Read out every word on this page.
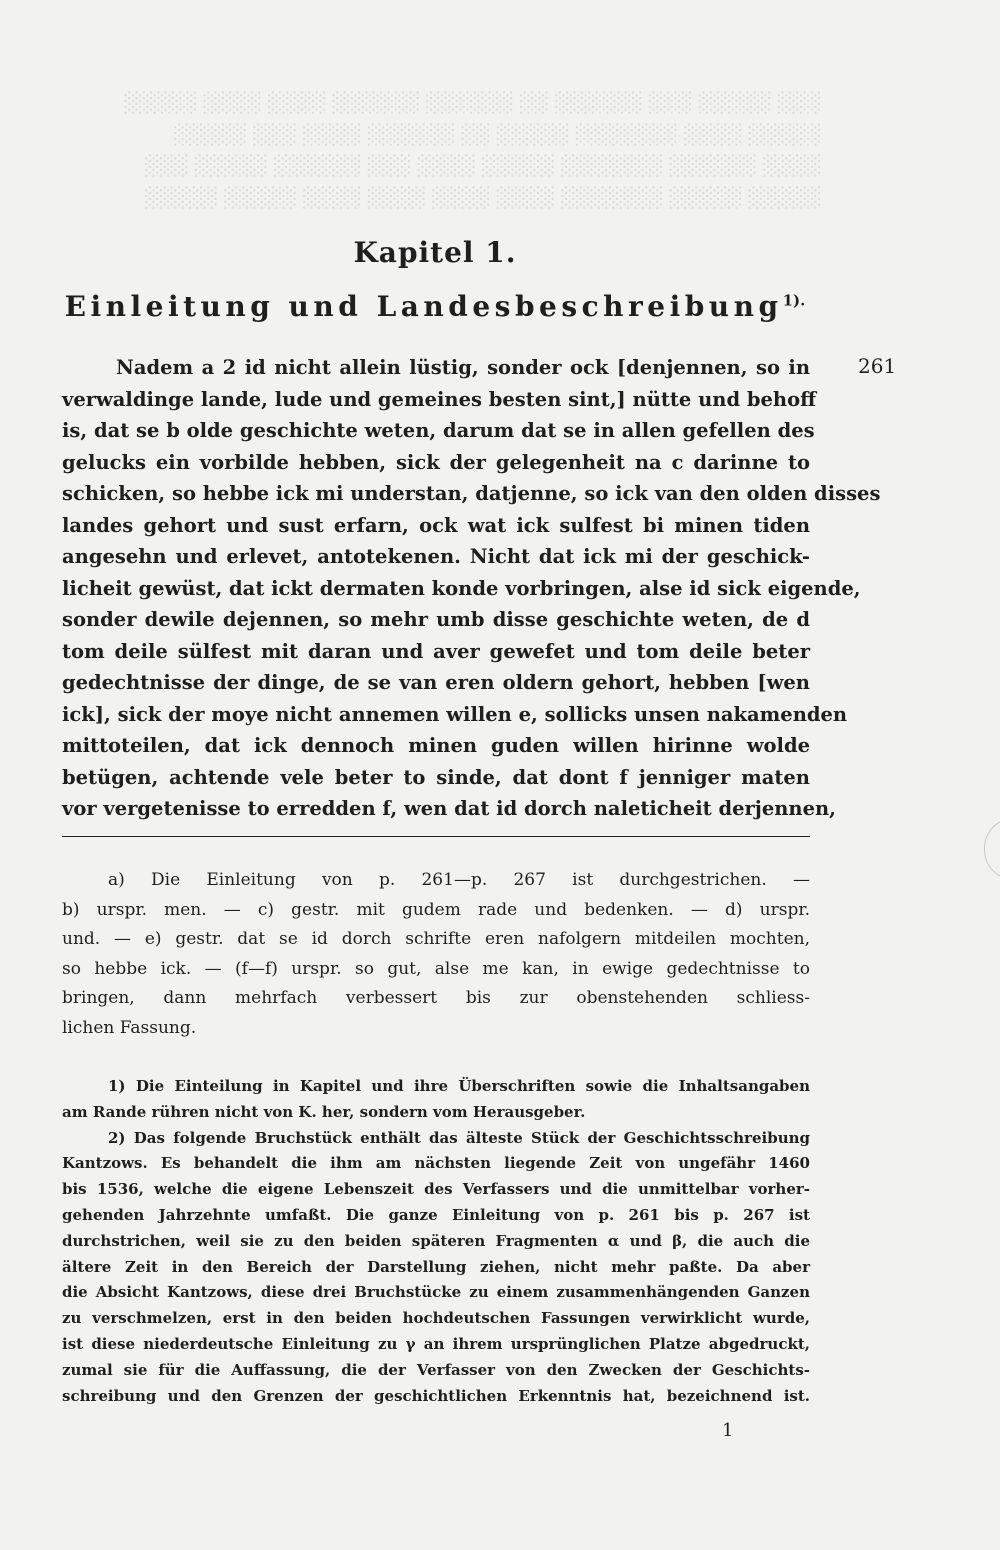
░░░ ░░░░░ ░░░ ░░░░░░ ░░ ░░░░░░ ░░░░░░ ░░░░ ░░░░ ░░░░░
░░░░░ ░░░░ ░░░░░░░ ░░░░░ ░░ ░░░░░░ ░░░░ ░░░ ░░░░░
░░░░ ░░░░░░ ░░░░░░░ ░░░░░ ░░░░ ░░░ ░░░░░░ ░░░░░ ░░░
░░░░░ ░░░░░ ░░░░░░░ ░░░░ ░░░░ ░░░░ ░░░░ ░░░░░ ░░░░░
Kapitel 1.
Einleitung und Landesbeschreibung$^{1).}$
261
Nadem a 2 id nicht allein lüstig, sonder ock [denjennen, so in
verwaldinge lande, lude und gemeines besten sint,] nütte und behoff
is, dat se b olde geschichte weten, darum dat se in allen gefellen des
gelucks ein vorbilde hebben, sick der gelegenheit na c darinne to
schicken, so hebbe ick mi understan, datjenne, so ick van den olden disses
landes gehort und sust erfarn, ock wat ick sulfest bi minen tiden
angesehn und erlevet, antotekenen. Nicht dat ick mi der geschick-
licheit gewüst, dat ickt dermaten konde vorbringen, alse id sick eigende,
sonder dewile dejennen, so mehr umb disse geschichte weten, de d
tom deile sülfest mit daran und aver gewefet und tom deile beter
gedechtnisse der dinge, de se van eren oldern gehort, hebben [wen
ick], sick der moye nicht annemen willen e, sollicks unsen nakamenden
mittoteilen, dat ick dennoch minen guden willen hirinne wolde
betügen, achtende vele beter to sinde, dat dont f jenniger maten
vor vergetenisse to erredden f, wen dat id dorch naleticheit derjennen,
a) Die Einleitung von p. 261—p. 267 ist durchgestrichen. —
b) urspr. men. — c) gestr. mit gudem rade und bedenken. — d) urspr.
und. — e) gestr. dat se id dorch schrifte eren nafolgern mitdeilen mochten,
so hebbe ick. — (f—f) urspr. so gut, alse me kan, in ewige gedechtnisse to
bringen, dann mehrfach verbessert bis zur obenstehenden schliess-
lichen Fassung.
1) Die Einteilung in Kapitel und ihre Überschriften sowie die Inhaltsangaben
am Rande rühren nicht von K. her, sondern vom Herausgeber.
2) Das folgende Bruchstück enthält das älteste Stück der Geschichtsschreibung
Kantzows. Es behandelt die ihm am nächsten liegende Zeit von ungefähr 1460
bis 1536, welche die eigene Lebenszeit des Verfassers und die unmittelbar vorher-
gehenden Jahrzehnte umfaßt. Die ganze Einleitung von p. 261 bis p. 267 ist
durchstrichen, weil sie zu den beiden späteren Fragmenten α und β, die auch die
ältere Zeit in den Bereich der Darstellung ziehen, nicht mehr paßte. Da aber
die Absicht Kantzows, diese drei Bruchstücke zu einem zusammenhängenden Ganzen
zu verschmelzen, erst in den beiden hochdeutschen Fassungen verwirklicht wurde,
ist diese niederdeutsche Einleitung zu γ an ihrem ursprünglichen Platze abgedruckt,
zumal sie für die Auffassung, die der Verfasser von den Zwecken der Geschichts-
schreibung und den Grenzen der geschichtlichen Erkenntnis hat, bezeichnend ist.
1
